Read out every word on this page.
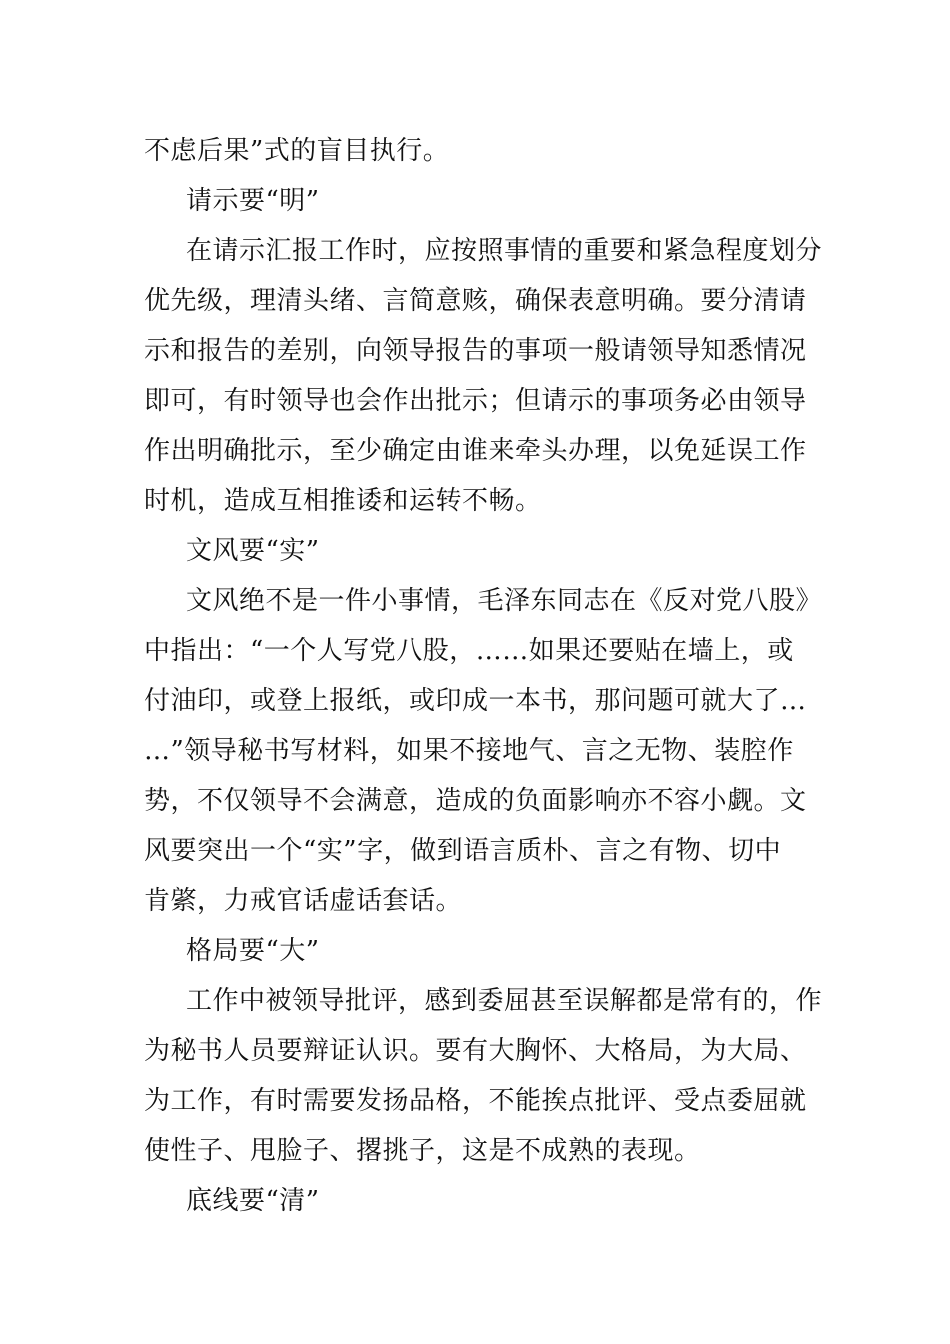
不虑后果”式的盲目执行。
请示要“明”
在请示汇报工作时，应按照事情的重要和紧急程度划分
优先级，理清头绪、言简意赅，确保表意明确。要分清请
示和报告的差别，向领导报告的事项一般请领导知悉情况
即可，有时领导也会作出批示；但请示的事项务必由领导
作出明确批示，至少确定由谁来牵头办理，以免延误工作
时机，造成互相推诿和运转不畅。
文风要“实”
文风绝不是一件小事情，毛泽东同志在《反对党八股》
中指出：“一个人写党八股，……如果还要贴在墙上，或
付油印，或登上报纸，或印成一本书，那问题可就大了…
…”领导秘书写材料，如果不接地气、言之无物、装腔作
势，不仅领导不会满意，造成的负面影响亦不容小觑。文
风要突出一个“实”字，做到语言质朴、言之有物、切中
肯綮，力戒官话虚话套话。
格局要“大”
工作中被领导批评，感到委屈甚至误解都是常有的，作
为秘书人员要辩证认识。要有大胸怀、大格局，为大局、
为工作，有时需要发扬品格，不能挨点批评、受点委屈就
使性子、甩脸子、撂挑子，这是不成熟的表现。
底线要“清”
